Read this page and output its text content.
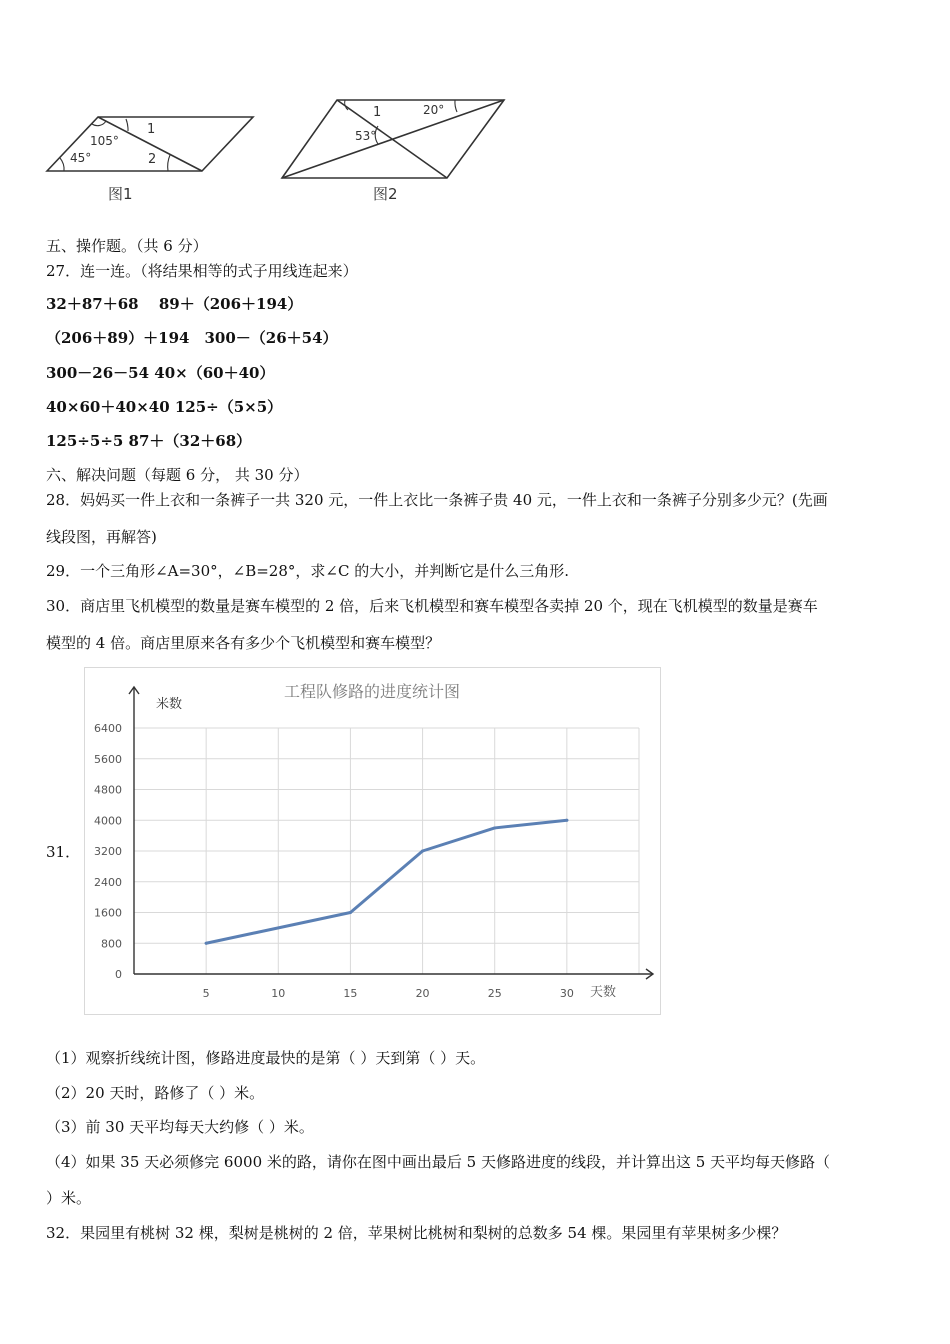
105°
45°
1
2
图1
1	20°
53°
图2
五、操作题。（共 6 分）
27．连一连。（将结果相等的式子用线连起来）
32＋87＋68　 89＋（206＋194）
（206＋89）＋194　300－（26＋54）
300－26－54 40×（60＋40）
40×60＋40×40 125÷（5×5）
125÷5÷5 87＋（32＋68）
六、解决问题（每题 6 分， 共 30 分）
28．妈妈买一件上衣和一条裤子一共 320 元，一件上衣比一条裤子贵 40 元，一件上衣和一条裤子分别多少元？(先画
线段图，再解答)
29．一个三角形∠A=30°，∠B=28°，求∠C 的大小，并判断它是什么三角形.
30．商店里飞机模型的数量是赛车模型的 2 倍，后来飞机模型和赛车模型各卖掉 20 个，现在飞机模型的数量是赛车
模型的 4 倍。商店里原来各有多少个飞机模型和赛车模型？
31．
工程队修路的进度统计图
米数
天数
0
800
1600
2400
3200
4000
4800
5600
6400
5	10	15	20	25	30
（1）观察折线统计图，修路进度最快的是第（ ）天到第（ ）天。
（2）20 天时，路修了（ ）米。
（3）前 30 天平均每天大约修（ ）米。
（4）如果 35 天必须修完 6000 米的路，请你在图中画出最后 5 天修路进度的线段，并计算出这 5 天平均每天修路（
）米。
32．果园里有桃树 32 棵，梨树是桃树的 2 倍，苹果树比桃树和梨树的总数多 54 棵。果园里有苹果树多少棵？
